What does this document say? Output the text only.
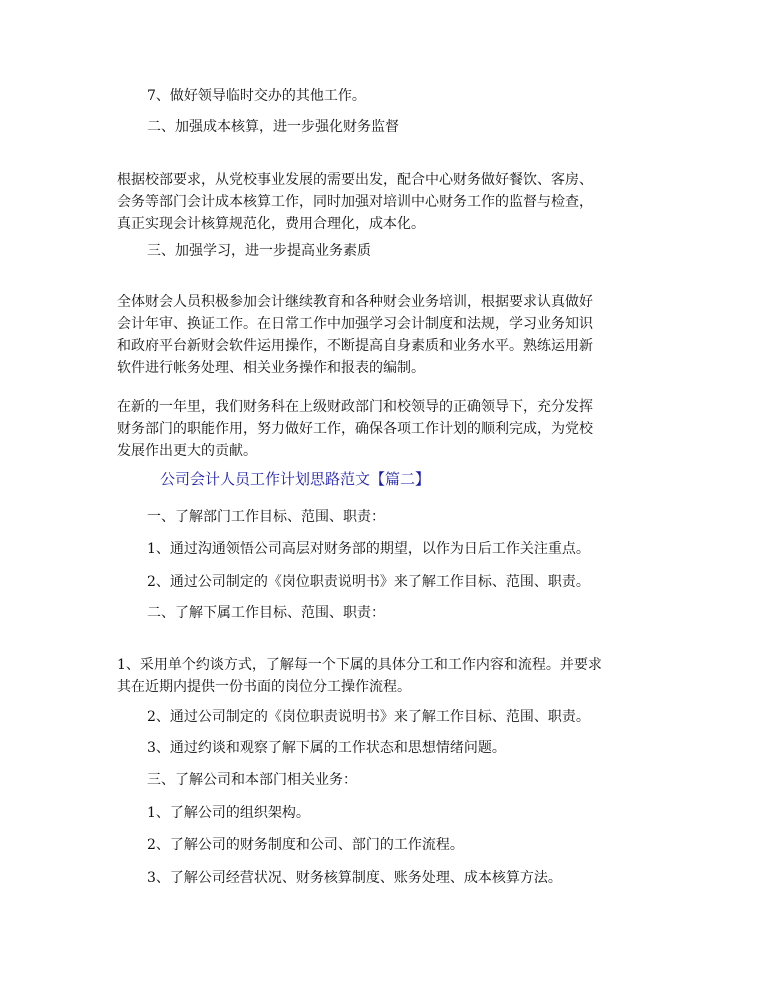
7、做好领导临时交办的其他工作。
二、加强成本核算，进一步强化财务监督
根据校部要求，从党校事业发展的需要出发，配合中心财务做好餐饮、客房、
会务等部门会计成本核算工作，同时加强对培训中心财务工作的监督与检查，
真正实现会计核算规范化，费用合理化，成本化。
三、加强学习，进一步提高业务素质
全体财会人员积极参加会计继续教育和各种财会业务培训，根据要求认真做好
会计年审、换证工作。在日常工作中加强学习会计制度和法规，学习业务知识
和政府平台新财会软件运用操作，不断提高自身素质和业务水平。熟练运用新
软件进行帐务处理、相关业务操作和报表的编制。
在新的一年里，我们财务科在上级财政部门和校领导的正确领导下，充分发挥
财务部门的职能作用，努力做好工作，确保各项工作计划的顺利完成，为党校
发展作出更大的贡献。
公司会计人员工作计划思路范文【篇二】
一、了解部门工作目标、范围、职责：
1、通过沟通领悟公司高层对财务部的期望，以作为日后工作关注重点。
2、通过公司制定的《岗位职责说明书》来了解工作目标、范围、职责。
二、了解下属工作目标、范围、职责：
1、采用单个约谈方式，了解每一个下属的具体分工和工作内容和流程。并要求
其在近期内提供一份书面的岗位分工操作流程。
2、通过公司制定的《岗位职责说明书》来了解工作目标、范围、职责。
3、通过约谈和观察了解下属的工作状态和思想情绪问题。
三、了解公司和本部门相关业务：
1、了解公司的组织架构。
2、了解公司的财务制度和公司、部门的工作流程。
3、了解公司经营状况、财务核算制度、账务处理、成本核算方法。
